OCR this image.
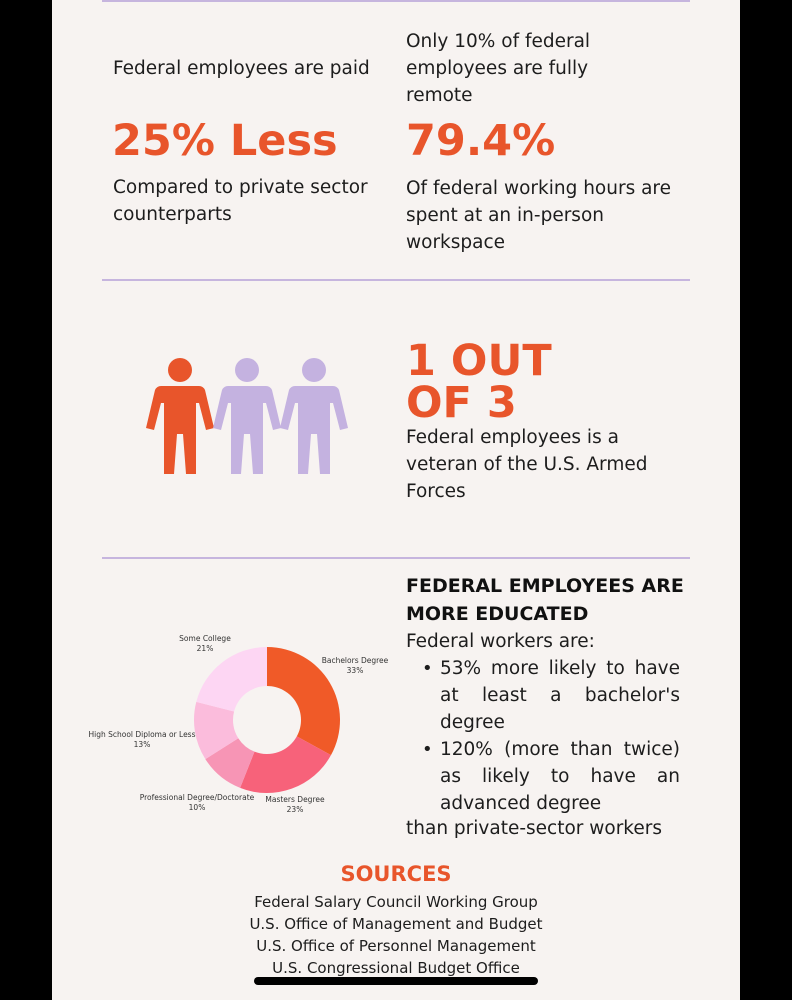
Federal employees are paid

25% Less

Compared to private sector counterparts

Only 10% of federal employees are fully remote

79.4%

Of federal working hours are spent at an in-person workspace

1 OUT

OF 3

Federal employees is a veteran of the U.S. Armed Forces

Bachelors Degree
33%
Masters Degree
23%
Professional Degree/Doctorate
10%
High School Diploma or Less
13%
Some College
21%

FEDERAL EMPLOYEES ARE

MORE EDUCATED

Federal workers are:

• 53% more likely to have at least a bachelor's degree
• 120% (more than twice) as likely to have an advanced degree

than private-sector workers

SOURCES

Federal Salary Council Working Group
U.S. Office of Management and Budget
U.S. Office of Personnel Management
U.S. Congressional Budget Office
